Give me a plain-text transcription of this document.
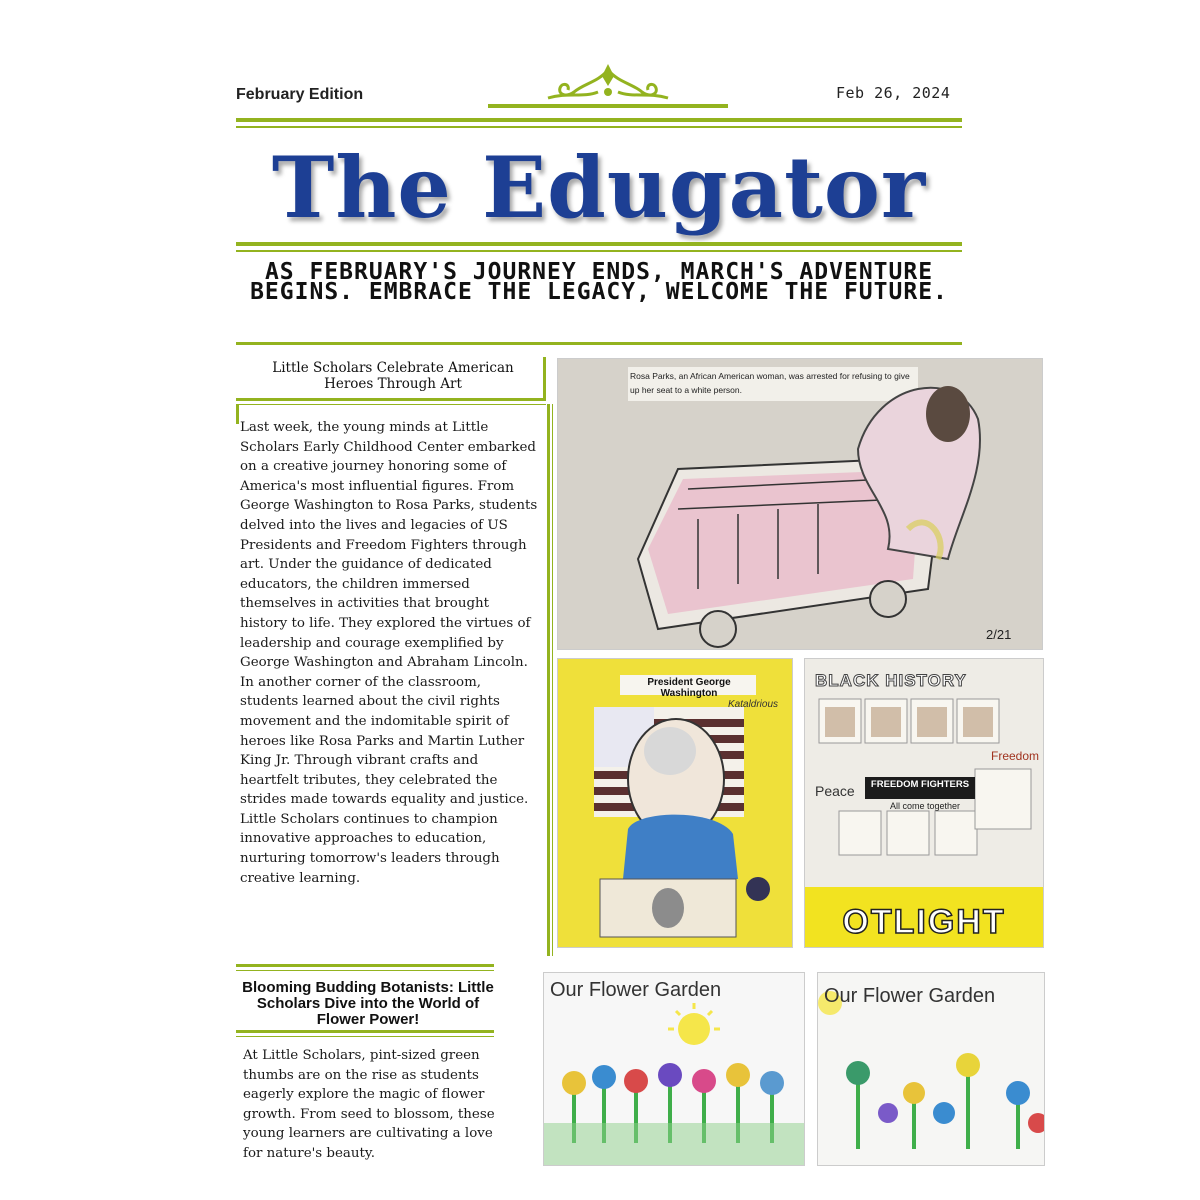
February Edition	Feb 26, 2024
The Edugator
AS FEBRUARY'S JOURNEY ENDS, MARCH'S ADVENTURE BEGINS. EMBRACE THE LEGACY, WELCOME THE FUTURE.
Little Scholars Celebrate American Heroes Through Art
Last week, the young minds at Little Scholars Early Childhood Center embarked on a creative journey honoring some of America's most influential figures. From George Washington to Rosa Parks, students delved into the lives and legacies of US Presidents and Freedom Fighters through art. Under the guidance of dedicated educators, the children immersed themselves in activities that brought history to life. They explored the virtues of leadership and courage exemplified by George Washington and Abraham Lincoln. In another corner of the classroom, students learned about the civil rights movement and the indomitable spirit of heroes like Rosa Parks and Martin Luther King Jr. Through vibrant crafts and heartfelt tributes, they celebrated the strides made towards equality and justice. Little Scholars continues to champion innovative approaches to education, nurturing tomorrow's leaders through creative learning.
Blooming Budding Botanists: Little Scholars Dive into the World of Flower Power!
At Little Scholars, pint-sized green thumbs are on the rise as students eagerly explore the magic of flower growth. From seed to blossom, these young learners are cultivating a love for nature's beauty.
Rosa Parks, an African American woman, was arrested for refusing to give up her seat to a white person.
2/21
President George Washington
Kataldrious
BLACK HISTORY
Peace
Freedom
FREEDOM FIGHTERS
All come together
OTLIGHT
Our Flower Garden	Our Flower Garden
